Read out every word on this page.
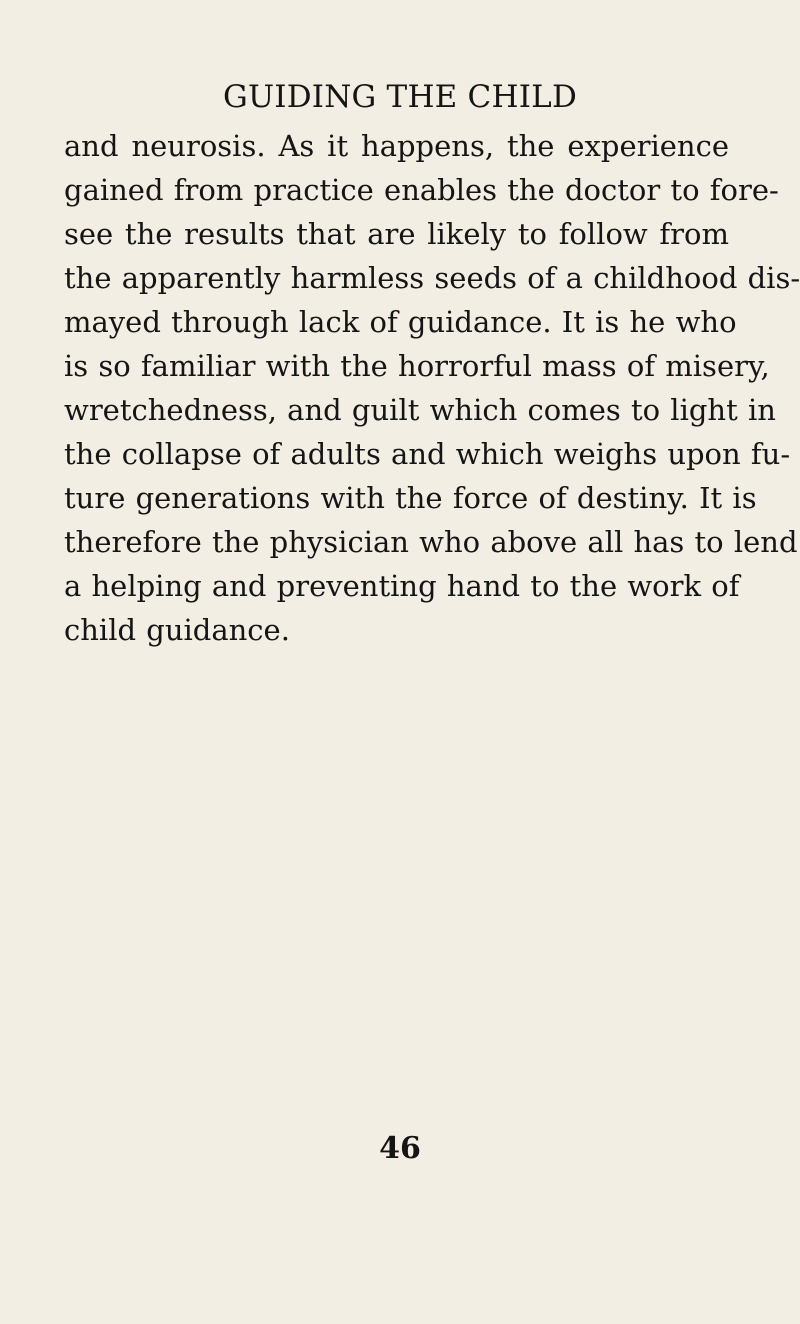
GUIDING THE CHILD
and neurosis. As it happens, the experience
gained from practice enables the doctor to fore-
see the results that are likely to follow from
the apparently harmless seeds of a childhood dis-
mayed through lack of guidance. It is he who
is so familiar with the horrorful mass of misery,
wretchedness, and guilt which comes to light in
the collapse of adults and which weighs upon fu-
ture generations with the force of destiny. It is
therefore the physician who above all has to lend
a helping and preventing hand to the work of
child guidance.
46
